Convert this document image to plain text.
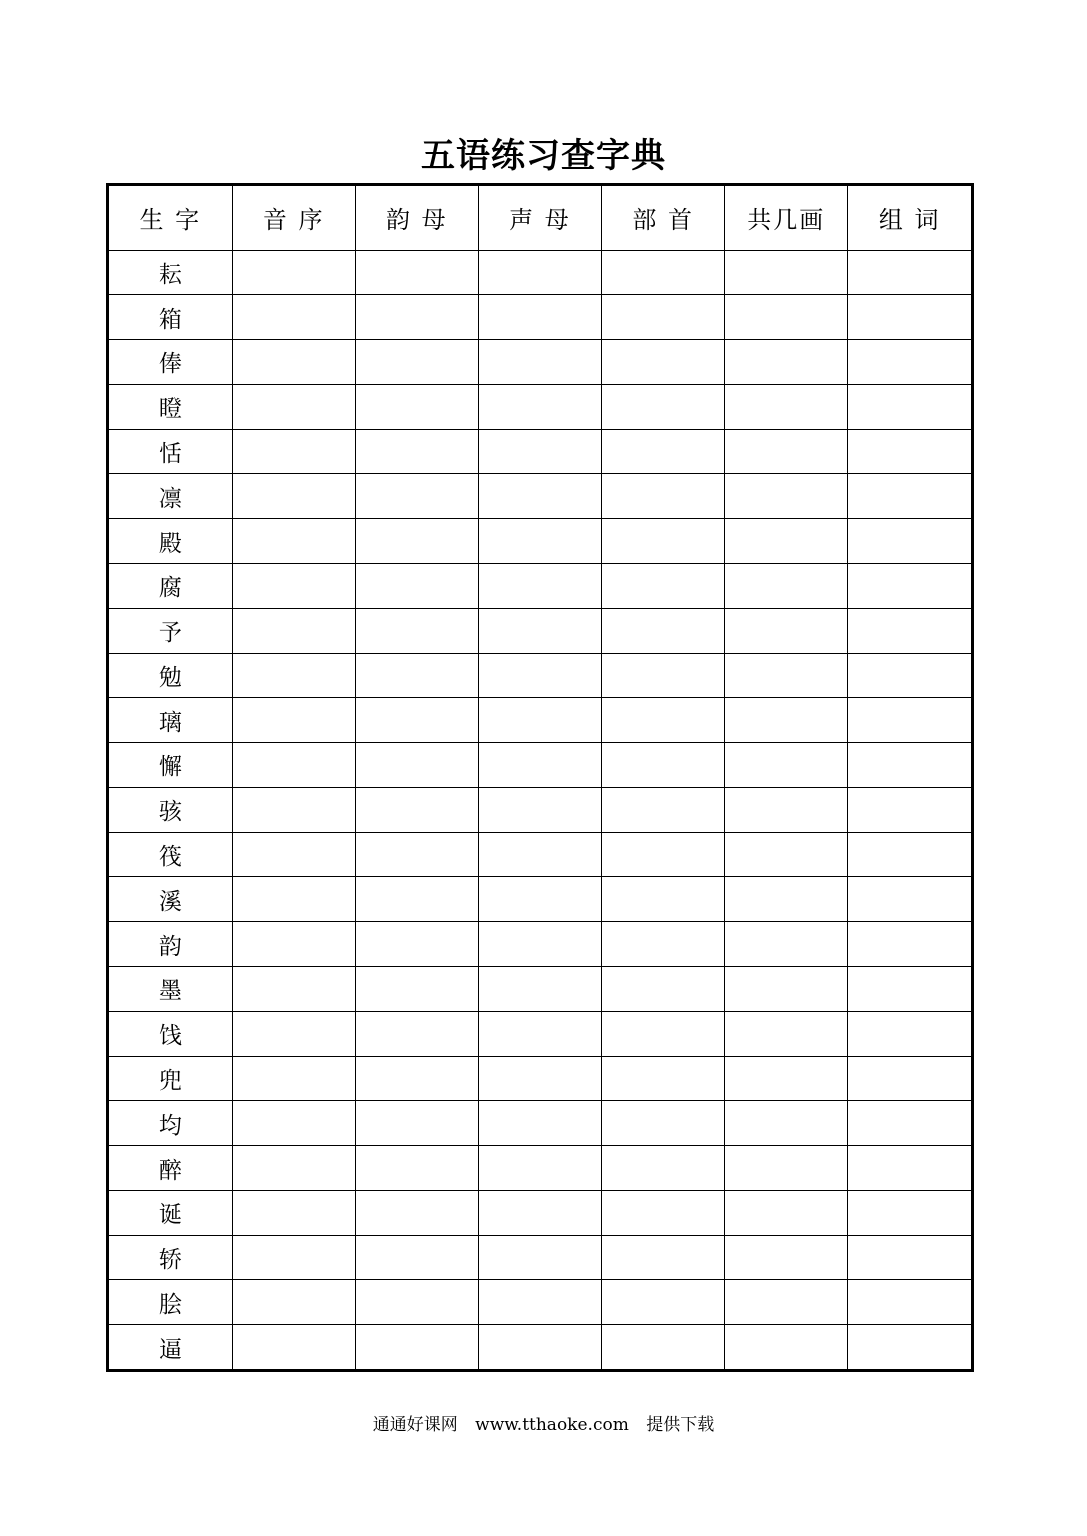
五语练习查字典
生 字	音 序	韵 母	声 母	部 首	共几画	组 词
耘						
箱						
俸						
瞪						
恬						
凛						
殿						
腐						
予						
勉						
璃						
懈						
骇						
筏						
溪						
韵						
墨						
饯						
兜						
均						
醉						
诞						
轿						
脍						
逼						
通通好课网 www.tthaoke.com 提供下载
